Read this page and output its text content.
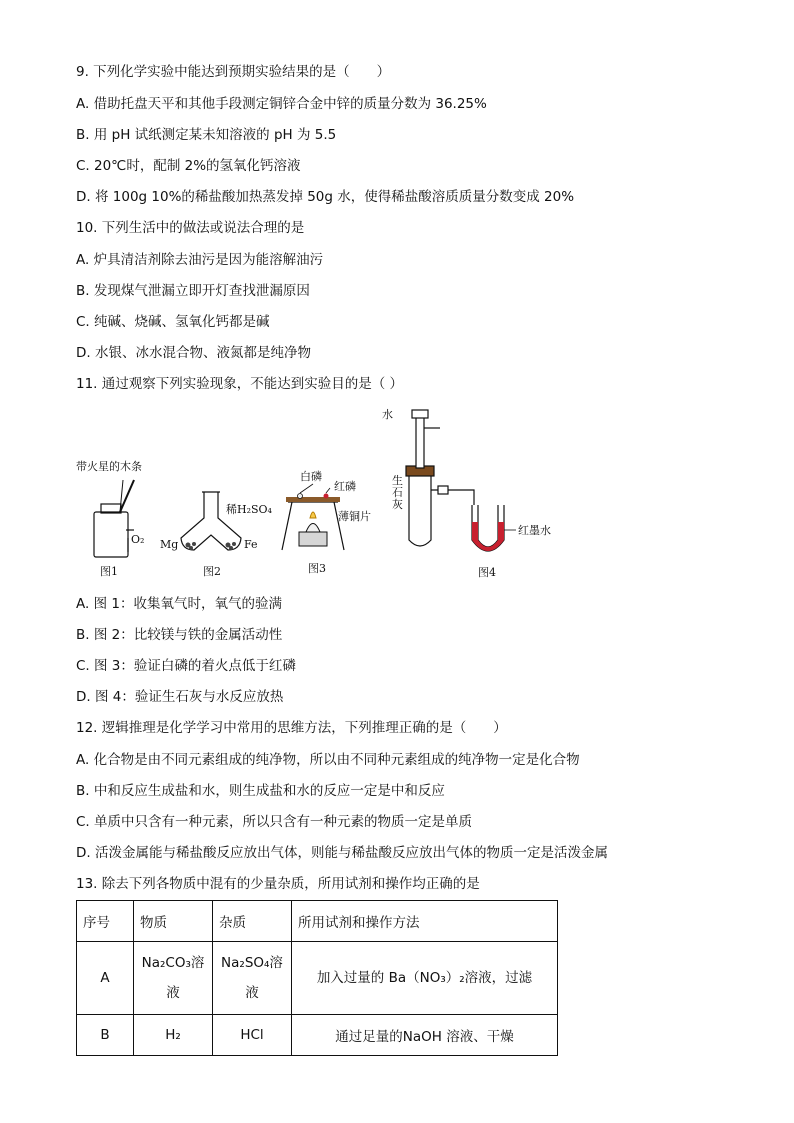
9. 下列化学实验中能达到预期实验结果的是（　　）
A. 借助托盘天平和其他手段测定铜锌合金中锌的质量分数为 36.25%
B. 用 pH 试纸测定某未知溶液的 pH 为 5.5
C. 20℃时，配制 2%的氢氧化钙溶液
D. 将 100g 10%的稀盐酸加热蒸发掉 50g 水，使得稀盐酸溶质质量分数变成 20%
10. 下列生活中的做法或说法合理的是
A. 炉具清洁剂除去油污是因为能溶解油污
B. 发现煤气泄漏立即开灯查找泄漏原因
C. 纯碱、烧碱、氢氧化钙都是碱
D. 水银、冰水混合物、液氮都是纯净物
11. 通过观察下列实验现象，不能达到实验目的是（ ）
带火星的木条
O₂
图1
稀H₂SO₄
Mg	Fe
图2
白磷
红磷
薄铜片
图3
水
生
石
灰
红墨水
图4
A. 图 1：收集氧气时，氧气的验满
B. 图 2：比较镁与铁的金属活动性
C. 图 3：验证白磷的着火点低于红磷
D. 图 4：验证生石灰与水反应放热
12. 逻辑推理是化学学习中常用的思维方法，下列推理正确的是（　　）
A. 化合物是由不同元素组成的纯净物，所以由不同种元素组成的纯净物一定是化合物
B. 中和反应生成盐和水，则生成盐和水的反应一定是中和反应
C. 单质中只含有一种元素，所以只含有一种元素的物质一定是单质
D. 活泼金属能与稀盐酸反应放出气体，则能与稀盐酸反应放出气体的物质一定是活泼金属
13. 除去下列各物质中混有的少量杂质，所用试剂和操作均正确的是
序号	物质	杂质	所用试剂和操作方法
A	Na₂CO₃溶液	Na₂SO₄溶液	加入过量的 Ba（NO₃）₂溶液，过滤
B	H₂	HCl	通过足量的NaOH 溶液、干燥
